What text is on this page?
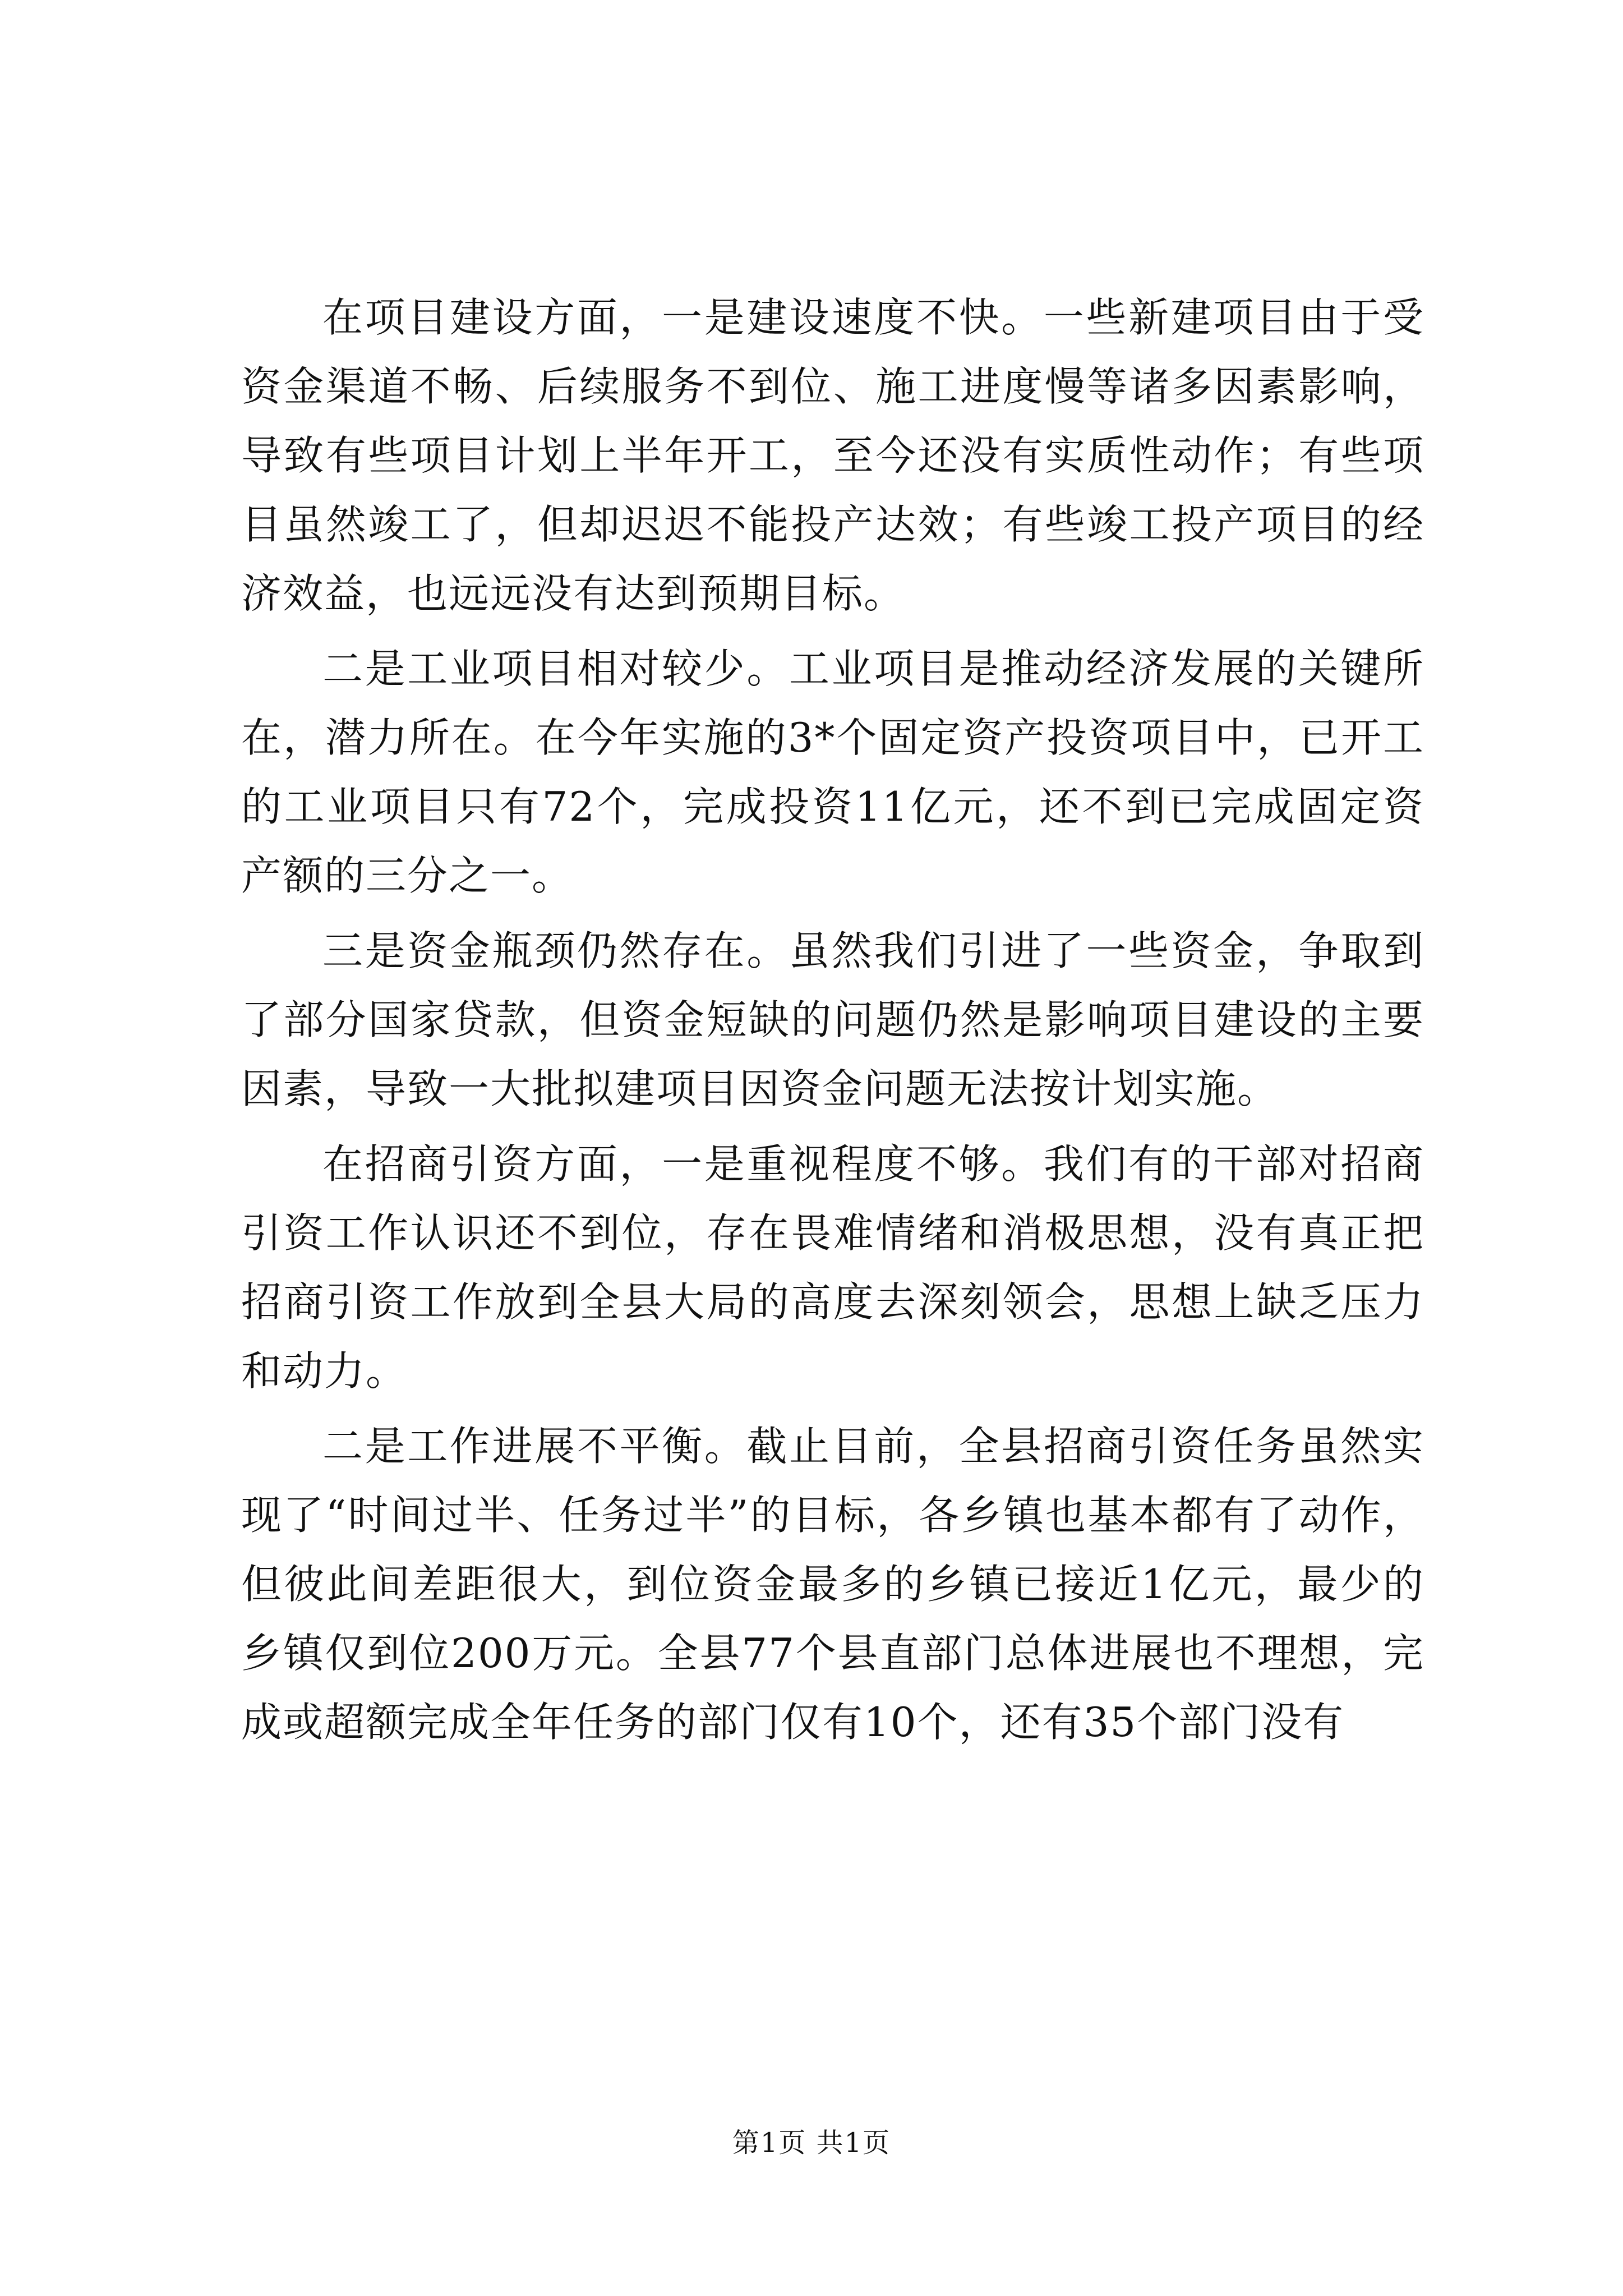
在项目建设方面，一是建设速度不快。一些新建项目由于受资金渠道不畅、后续服务不到位、施工进度慢等诸多因素影响，导致有些项目计划上半年开工，至今还没有实质性动作；有些项目虽然竣工了，但却迟迟不能投产达效；有些竣工投产项目的经济效益，也远远没有达到预期目标。

二是工业项目相对较少。工业项目是推动经济发展的关键所在，潜力所在。在今年实施的3*个固定资产投资项目中，已开工的工业项目只有72个，完成投资11亿元，还不到已完成固定资产额的三分之一。

三是资金瓶颈仍然存在。虽然我们引进了一些资金，争取到了部分国家贷款，但资金短缺的问题仍然是影响项目建设的主要因素，导致一大批拟建项目因资金问题无法按计划实施。

在招商引资方面，一是重视程度不够。我们有的干部对招商引资工作认识还不到位，存在畏难情绪和消极思想，没有真正把招商引资工作放到全县大局的高度去深刻领会，思想上缺乏压力和动力。

二是工作进展不平衡。截止目前，全县招商引资任务虽然实现了“时间过半、任务过半”的目标，各乡镇也基本都有了动作，但彼此间差距很大，到位资金最多的乡镇已接近1亿元，最少的乡镇仅到位200万元。全县77个县直部门总体进展也不理想，完成或超额完成全年任务的部门仅有10个，还有35个部门没有

第1页 共1页
